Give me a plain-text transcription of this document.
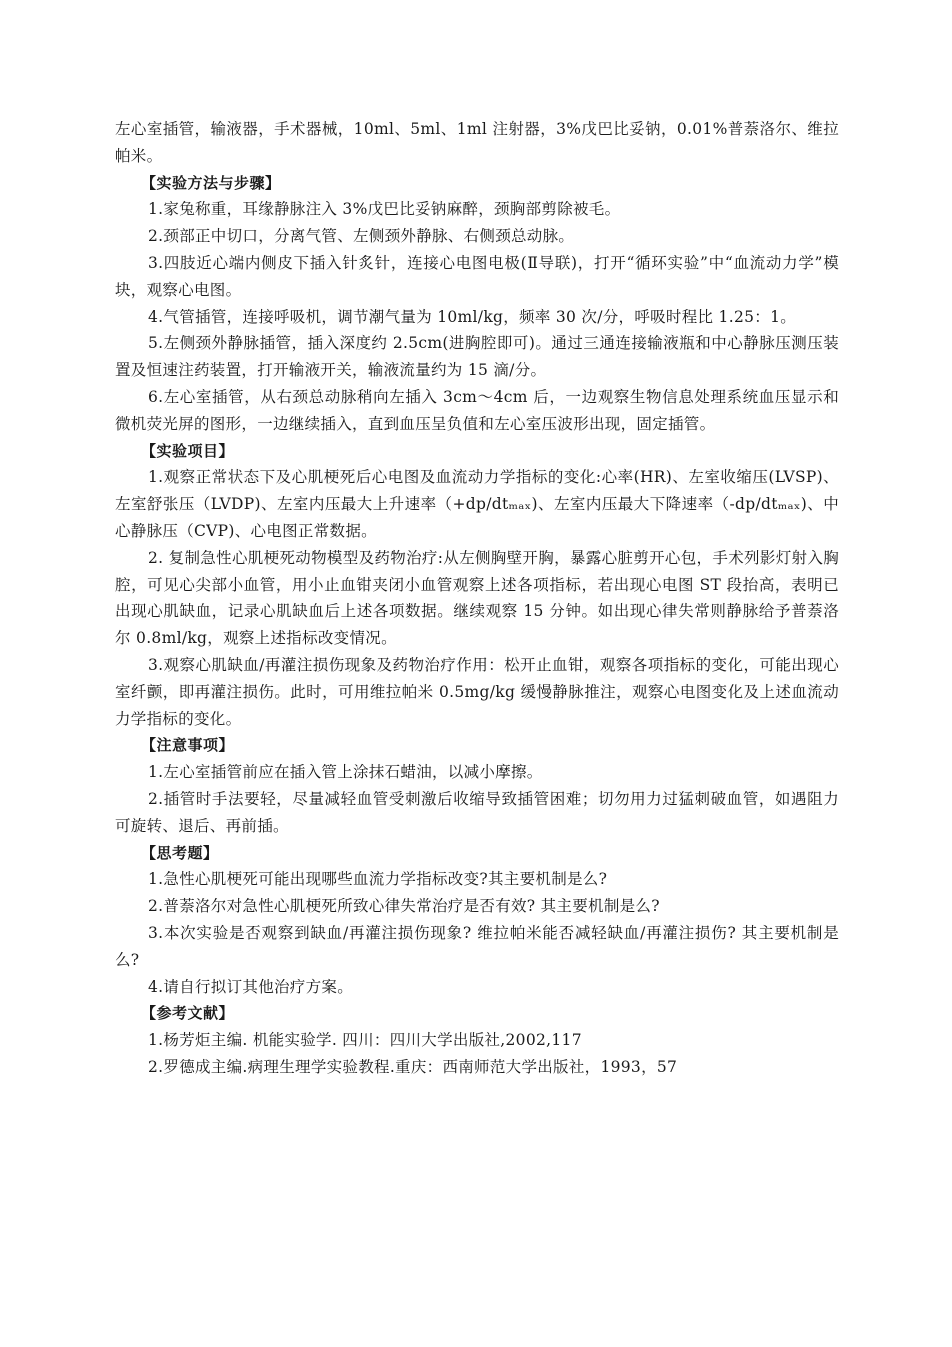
左心室插管，输液器，手术器械，10ml、5ml、1ml 注射器，3%戊巴比妥钠，0.01%普萘洛尔、维拉帕米。

【实验方法与步骤】

1.家兔称重，耳缘静脉注入 3%戊巴比妥钠麻醉，颈胸部剪除被毛。

2.颈部正中切口，分离气管、左侧颈外静脉、右侧颈总动脉。

3.四肢近心端内侧皮下插入针炙针，连接心电图电极(Ⅱ导联)，打开“循环实验”中“血流动力学”模块，观察心电图。

4.气管插管，连接呼吸机，调节潮气量为 10ml/kg，频率 30 次/分，呼吸时程比 1.25：1。

5.左侧颈外静脉插管，插入深度约 2.5cm(进胸腔即可)。通过三通连接输液瓶和中心静脉压测压装置及恒速注药装置，打开输液开关，输液流量约为 15 滴/分。

6.左心室插管，从右颈总动脉稍向左插入 3cm～4cm 后，一边观察生物信息处理系统血压显示和微机荧光屏的图形，一边继续插入，直到血压呈负值和左心室压波形出现，固定插管。

【实验项目】

1.观察正常状态下及心肌梗死后心电图及血流动力学指标的变化:心率(HR)、左室收缩压(LVSP)、左室舒张压（LVDP)、左室内压最大上升速率（+dp/dtₘₐₓ)、左室内压最大下降速率（-dp/dtₘₐₓ)、中心静脉压（CVP)、心电图正常数据。

2. 复制急性心肌梗死动物模型及药物治疗:从左侧胸壁开胸，暴露心脏剪开心包，手术列影灯射入胸腔，可见心尖部小血管，用小止血钳夹闭小血管观察上述各项指标，若出现心电图 ST 段抬高，表明已出现心肌缺血，记录心肌缺血后上述各项数据。继续观察 15 分钟。如出现心律失常则静脉给予普萘洛尔 0.8ml/kg，观察上述指标改变情况。

3.观察心肌缺血/再灌注损伤现象及药物治疗作用：松开止血钳，观察各项指标的变化，可能出现心室纤颤，即再灌注损伤。此时，可用维拉帕米 0.5mg/kg 缓慢静脉推注，观察心电图变化及上述血流动力学指标的变化。

【注意事项】

1.左心室插管前应在插入管上涂抹石蜡油，以减小摩擦。

2.插管时手法要轻，尽量减轻血管受刺激后收缩导致插管困难；切勿用力过猛刺破血管，如遇阻力可旋转、退后、再前插。

【思考题】

1.急性心肌梗死可能出现哪些血流力学指标改变?其主要机制是么?

2.普萘洛尔对急性心肌梗死所致心律失常治疗是否有效? 其主要机制是么?

3.本次实验是否观察到缺血/再灌注损伤现象? 维拉帕米能否减轻缺血/再灌注损伤? 其主要机制是么?

4.请自行拟订其他治疗方案。

【参考文献】

1.杨芳炬主编. 机能实验学. 四川：四川大学出版社,2002,117

2.罗德成主编.病理生理学实验教程.重庆：西南师范大学出版社，1993，57
